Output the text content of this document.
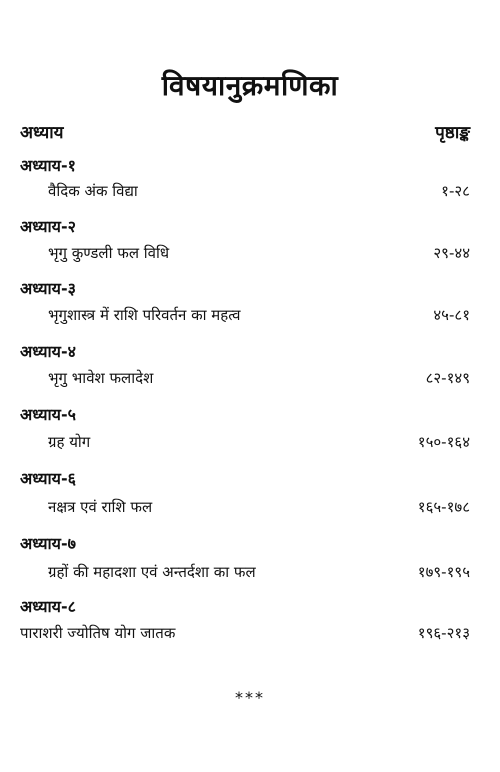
विषयानुक्रमणिका
अध्याय	पृष्ठाङ्क
अध्याय-१
वैदिक अंक विद्या	१-२८
अध्याय-२
भृगु कुण्डली फल विधि	२९-४४
अध्याय-३
भृगुशास्त्र में राशि परिवर्तन का महत्व	४५-८१
अध्याय-४
भृगु भावेश फलादेश	८२-१४९
अध्याय-५
ग्रह योग	१५०-१६४
अध्याय-६
नक्षत्र एवं राशि फल	१६५-१७८
अध्याय-७
ग्रहों की महादशा एवं अन्तर्दशा का फल	१७९-१९५
अध्याय-८
पाराशरी ज्योतिष योग जातक	१९६-२१३
***
